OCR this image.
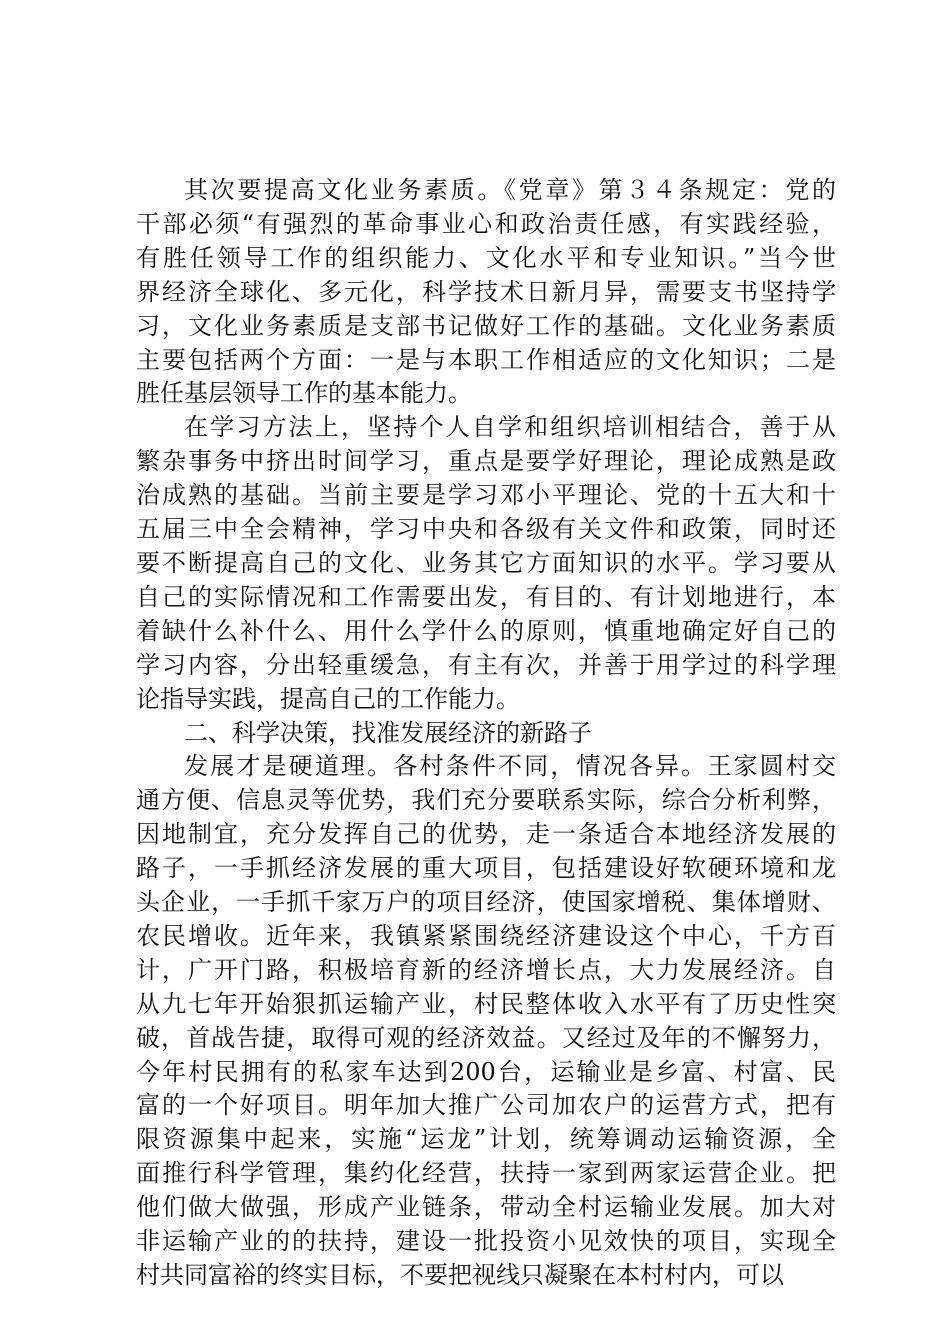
其次要提高文化业务素质。《党章》第３４条规定：党的
干部必须“有强烈的革命事业心和政治责任感，有实践经验，
有胜任领导工作的组织能力、文化水平和专业知识。”当今世
界经济全球化、多元化，科学技术日新月异，需要支书坚持学
习，文化业务素质是支部书记做好工作的基础。文化业务素质
主要包括两个方面：一是与本职工作相适应的文化知识；二是
胜任基层领导工作的基本能力。
在学习方法上，坚持个人自学和组织培训相结合，善于从
繁杂事务中挤出时间学习，重点是要学好理论，理论成熟是政
治成熟的基础。当前主要是学习邓小平理论、党的十五大和十
五届三中全会精神，学习中央和各级有关文件和政策，同时还
要不断提高自己的文化、业务其它方面知识的水平。学习要从
自己的实际情况和工作需要出发，有目的、有计划地进行，本
着缺什么补什么、用什么学什么的原则，慎重地确定好自己的
学习内容，分出轻重缓急，有主有次，并善于用学过的科学理
论指导实践，提高自己的工作能力。
二、科学决策，找准发展经济的新路子
发展才是硬道理。各村条件不同，情况各异。王家圆村交
通方便、信息灵等优势，我们充分要联系实际，综合分析利弊，
因地制宜，充分发挥自己的优势，走一条适合本地经济发展的
路子，一手抓经济发展的重大项目，包括建设好软硬环境和龙
头企业，一手抓千家万户的项目经济，使国家增税、集体增财、
农民增收。近年来，我镇紧紧围绕经济建设这个中心，千方百
计，广开门路，积极培育新的经济增长点，大力发展经济。自
从九七年开始狠抓运输产业，村民整体收入水平有了历史性突
破，首战告捷，取得可观的经济效益。又经过及年的不懈努力，
今年村民拥有的私家车达到200台，运输业是乡富、村富、民
富的一个好项目。明年加大推广公司加农户的运营方式，把有
限资源集中起来，实施“运龙”计划，统筹调动运输资源，全
面推行科学管理，集约化经营，扶持一家到两家运营企业。把
他们做大做强，形成产业链条，带动全村运输业发展。加大对
非运输产业的的扶持，建设一批投资小见效快的项目，实现全
村共同富裕的终实目标，不要把视线只凝聚在本村村内，可以
